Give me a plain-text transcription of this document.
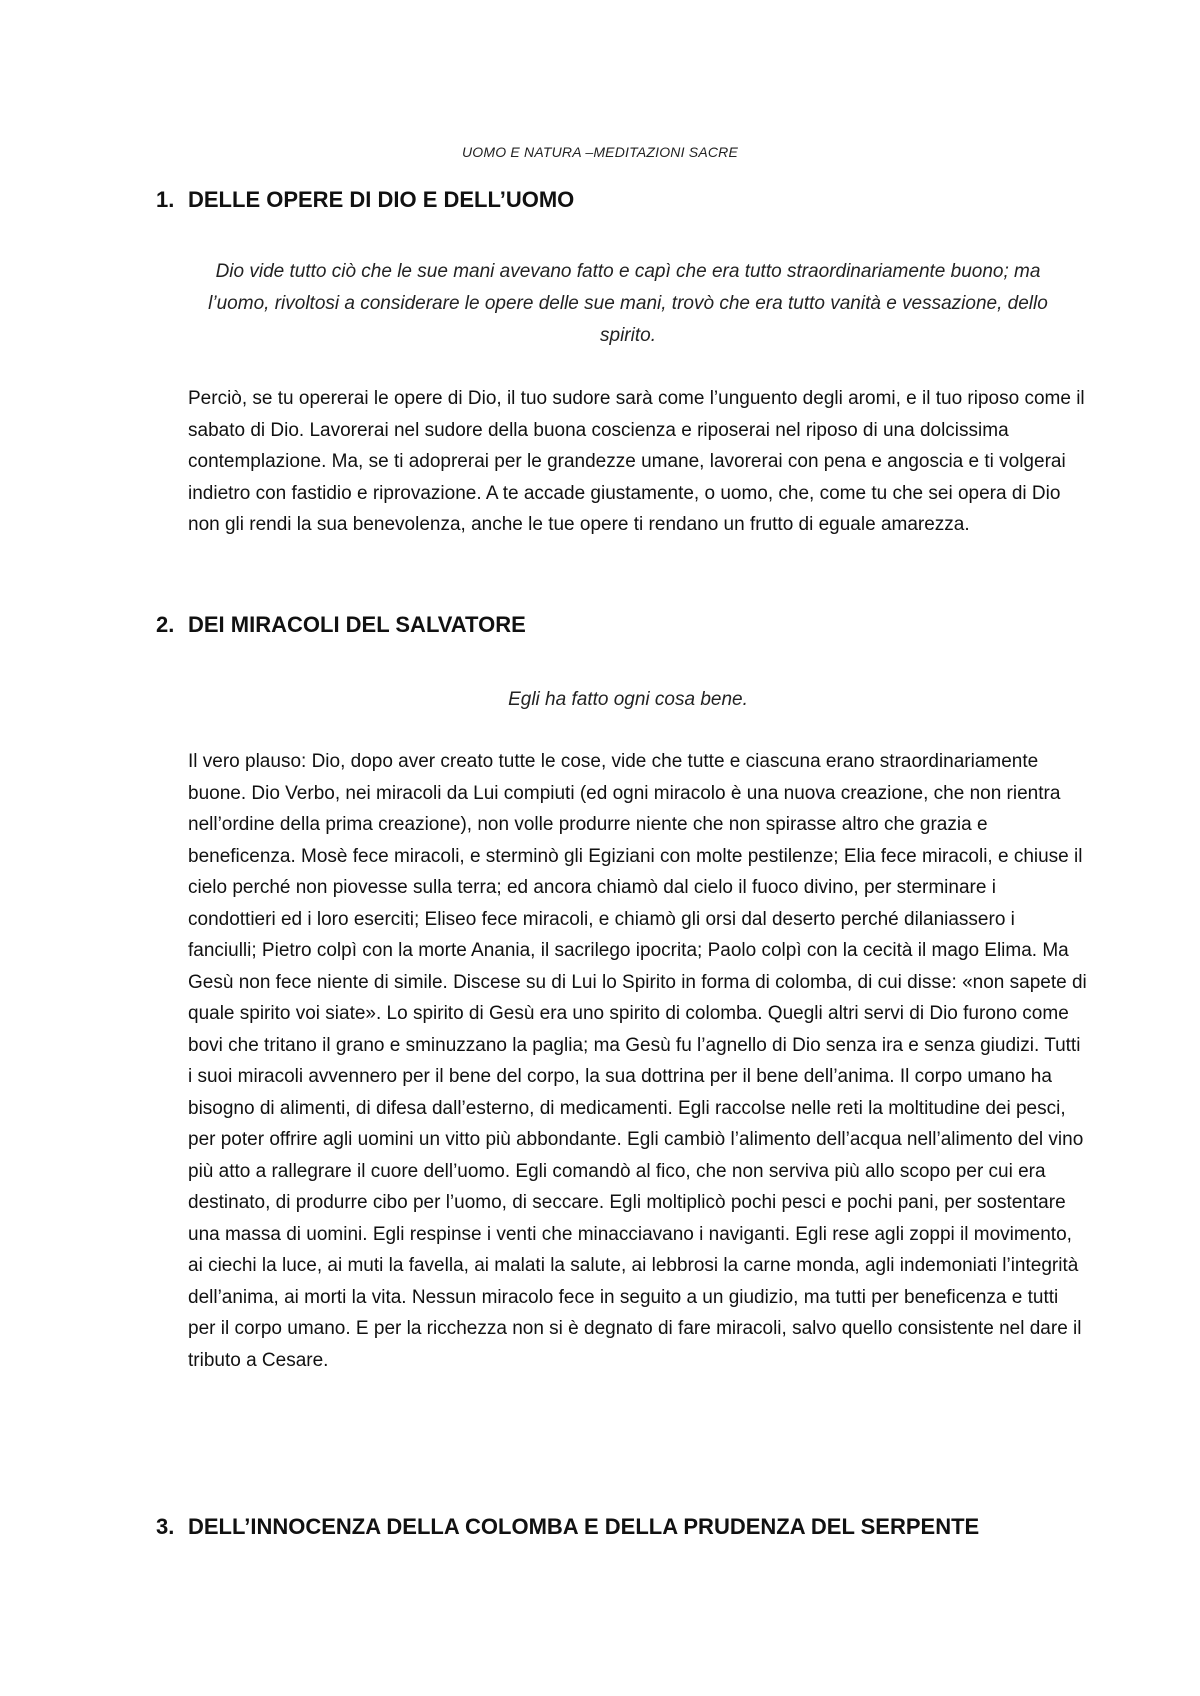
UOMO E NATURA –MEDITAZIONI SACRE
1. DELLE OPERE DI DIO E DELL’UOMO
Dio vide tutto ciò che le sue mani avevano fatto e capì che era tutto straordinariamente buono; ma l’uomo, rivoltosi a considerare le opere delle sue mani, trovò che era tutto vanità e vessazione, dello spirito.

Perciò, se tu opererai le opere di Dio, il tuo sudore sarà come l’unguento degli aromi, e il tuo riposo come il sabato di Dio. Lavorerai nel sudore della buona coscienza e riposerai nel riposo di una dolcissima contemplazione. Ma, se ti adoprerai per le grandezze umane, lavorerai con pena e angoscia e ti volgerai indietro con fastidio e riprovazione. A te accade giustamente, o uomo, che, come tu che sei opera di Dio non gli rendi la sua benevolenza, anche le tue opere ti rendano un frutto di eguale amarezza.

2. DEI MIRACOLI DEL SALVATORE
Egli ha fatto ogni cosa bene.

Il vero plauso: Dio, dopo aver creato tutte le cose, vide che tutte e ciascuna erano straordinariamente buone. Dio Verbo, nei miracoli da Lui compiuti (ed ogni miracolo è una nuova creazione, che non rientra nell’ordine della prima creazione), non volle produrre niente che non spirasse altro che grazia e beneficenza. Mosè fece miracoli, e sterminò gli Egiziani con molte pestilenze; Elia fece miracoli, e chiuse il cielo perché non piovesse sulla terra; ed ancora chiamò dal cielo il fuoco divino, per sterminare i condottieri ed i loro eserciti; Eliseo fece miracoli, e chiamò gli orsi dal deserto perché dilaniassero i fanciulli; Pietro colpì con la morte Anania, il sacrilego ipocrita; Paolo colpì con la cecità il mago Elima. Ma Gesù non fece niente di simile. Discese su di Lui lo Spirito in forma di colomba, di cui disse: «non sapete di quale spirito voi siate». Lo spirito di Gesù era uno spirito di colomba. Quegli altri servi di Dio furono come bovi che tritano il grano e sminuzzano la paglia; ma Gesù fu l’agnello di Dio senza ira e senza giudizi. Tutti i suoi miracoli avvennero per il bene del corpo, la sua dottrina per il bene dell’anima. Il corpo umano ha bisogno di alimenti, di difesa dall’esterno, di medicamenti. Egli raccolse nelle reti la moltitudine dei pesci, per poter offrire agli uomini un vitto più abbondante. Egli cambiò l’alimento dell’acqua nell’alimento del vino più atto a rallegrare il cuore dell’uomo. Egli comandò al fico, che non serviva più allo scopo per cui era destinato, di produrre cibo per l’uomo, di seccare. Egli moltiplicò pochi pesci e pochi pani, per sostentare una massa di uomini. Egli respinse i venti che minacciavano i naviganti. Egli rese agli zoppi il movimento, ai ciechi la luce, ai muti la favella, ai malati la salute, ai lebbrosi la carne monda, agli indemoniati l’integrità dell’anima, ai morti la vita. Nessun miracolo fece in seguito a un giudizio, ma tutti per beneficenza e tutti per il corpo umano. E per la ricchezza non si è degnato di fare miracoli, salvo quello consistente nel dare il tributo a Cesare.

3. DELL’INNOCENZA DELLA COLOMBA E DELLA PRUDENZA DEL SERPENTE
